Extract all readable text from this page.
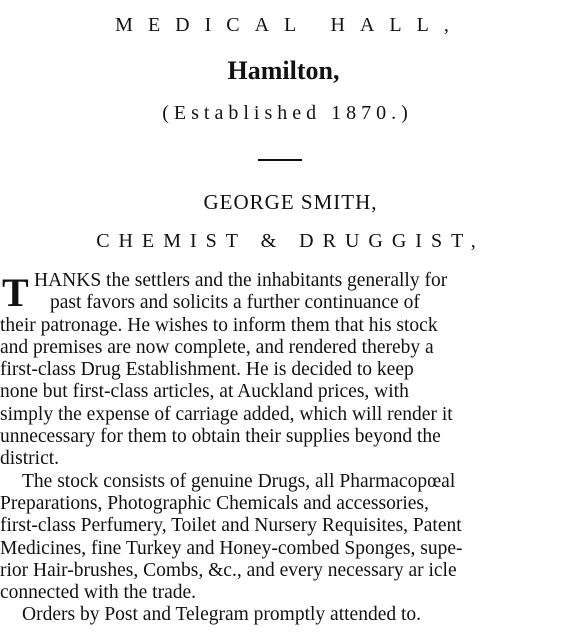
MEDICAL HALL,
Hamilton,
(Established 1870.)
GEORGE SMITH,
CHEMIST & DRUGGIST,
T HANKS the settlers and the inhabitants generally for
past favors and solicits a further continuance of
their patronage. He wishes to inform them that his stock
and premises are now complete, and rendered thereby a
first-class Drug Establishment. He is decided to keep
none but first-class articles, at Auckland prices, with
simply the expense of carriage added, which will render it
unnecessary for them to obtain their supplies beyond the
district.
The stock consists of genuine Drugs, all Pharmacopœal
Preparations, Photographic Chemicals and accessories,
first-class Perfumery, Toilet and Nursery Requisites, Patent
Medicines, fine Turkey and Honey-combed Sponges, supe-
rior Hair-brushes, Combs, &c., and every necessary ar icle
connected with the trade.
Orders by Post and Telegram promptly attended to.
